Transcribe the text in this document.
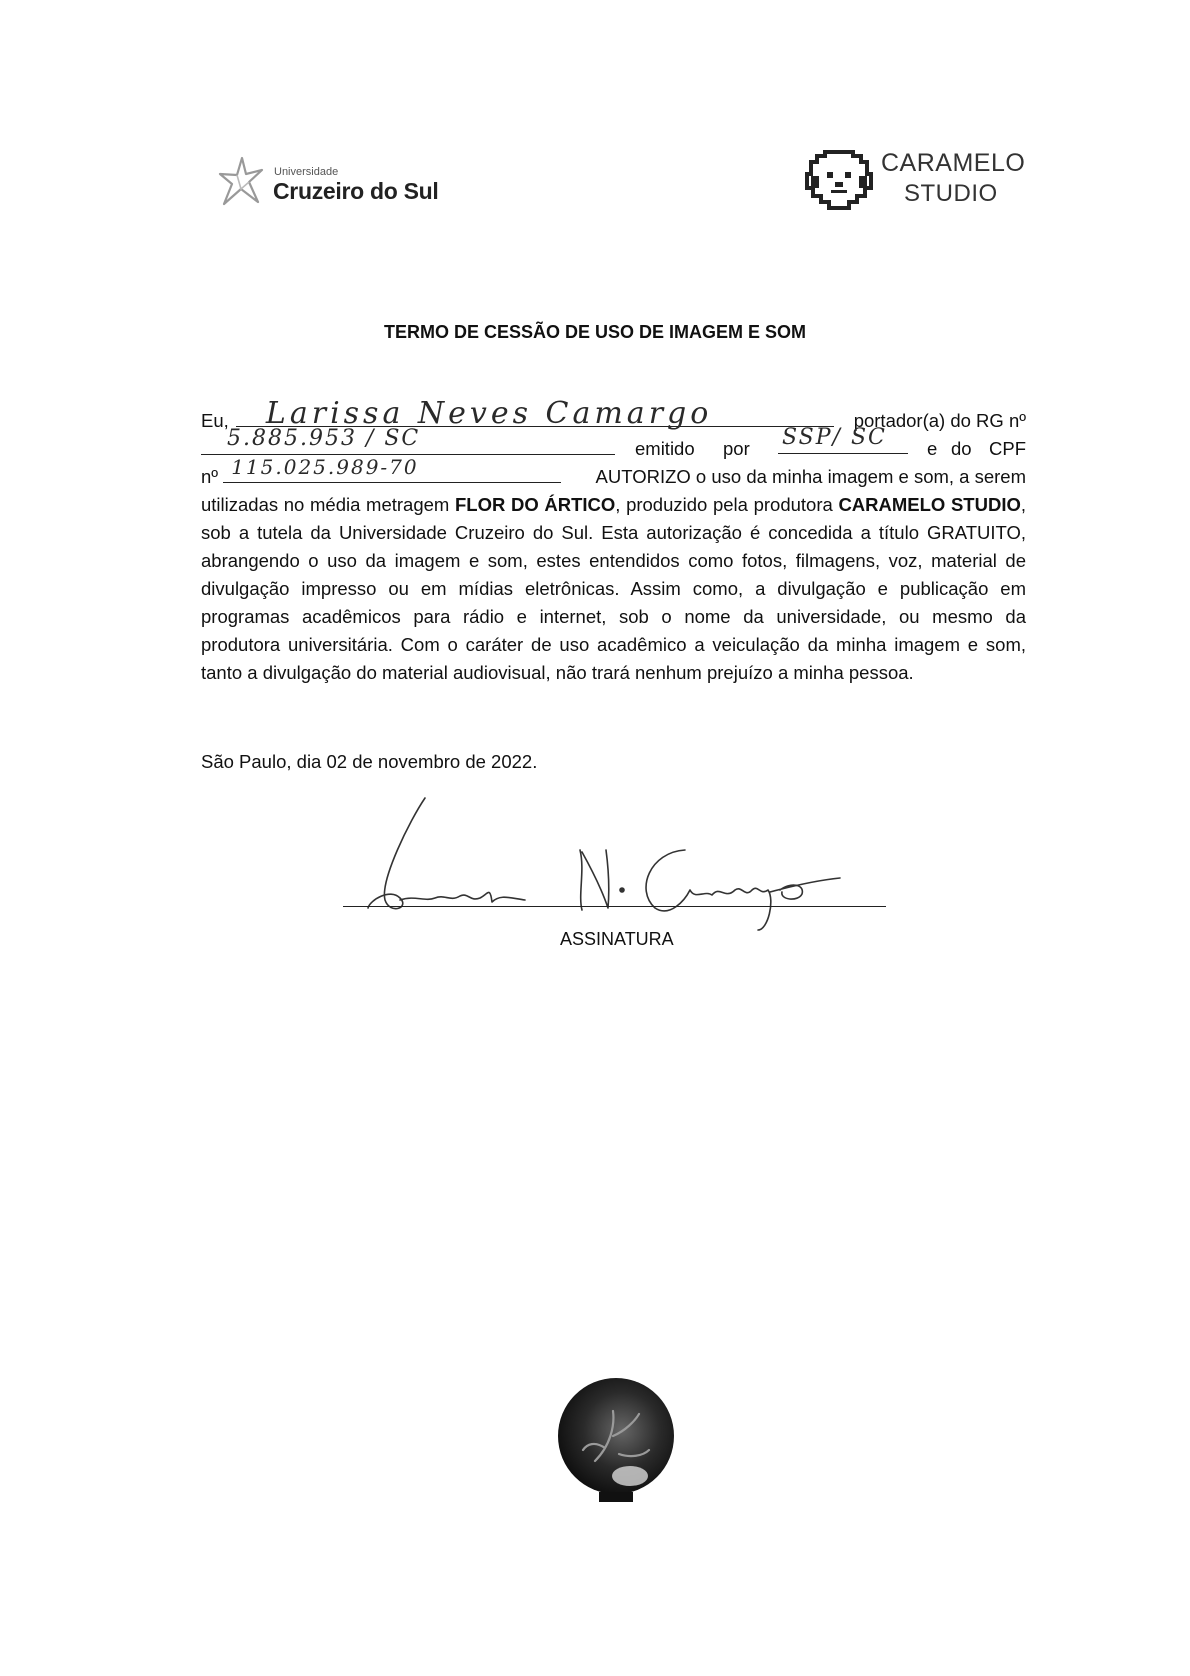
Universidade
Cruzeiro do Sul
CARAMELO
STUDIO
TERMO DE CESSÃO DE USO DE IMAGEM E SOM
Eu, Larissa Neves Camargo	portador(a) do RG nº
5.885.953 / SC	emitido por SSP/ SC e do CPF
nº 115.025.989-70	AUTORIZO o uso da minha imagem e som, a serem
utilizadas no média metragem FLOR DO ÁRTICO, produzido pela produtora CARAMELO STUDIO,
sob a tutela da Universidade Cruzeiro do Sul. Esta autorização é concedida a título GRATUITO,
abrangendo o uso da imagem e som, estes entendidos como fotos, filmagens, voz, material de
divulgação impresso ou em mídias eletrônicas. Assim como, a divulgação e publicação em
programas acadêmicos para rádio e internet, sob o nome da universidade, ou mesmo da
produtora universitária. Com o caráter de uso acadêmico a veiculação da minha imagem e som,
tanto a divulgação do material audiovisual, não trará nenhum prejuízo a minha pessoa.
São Paulo, dia 02 de novembro de 2022.
ASSINATURA
